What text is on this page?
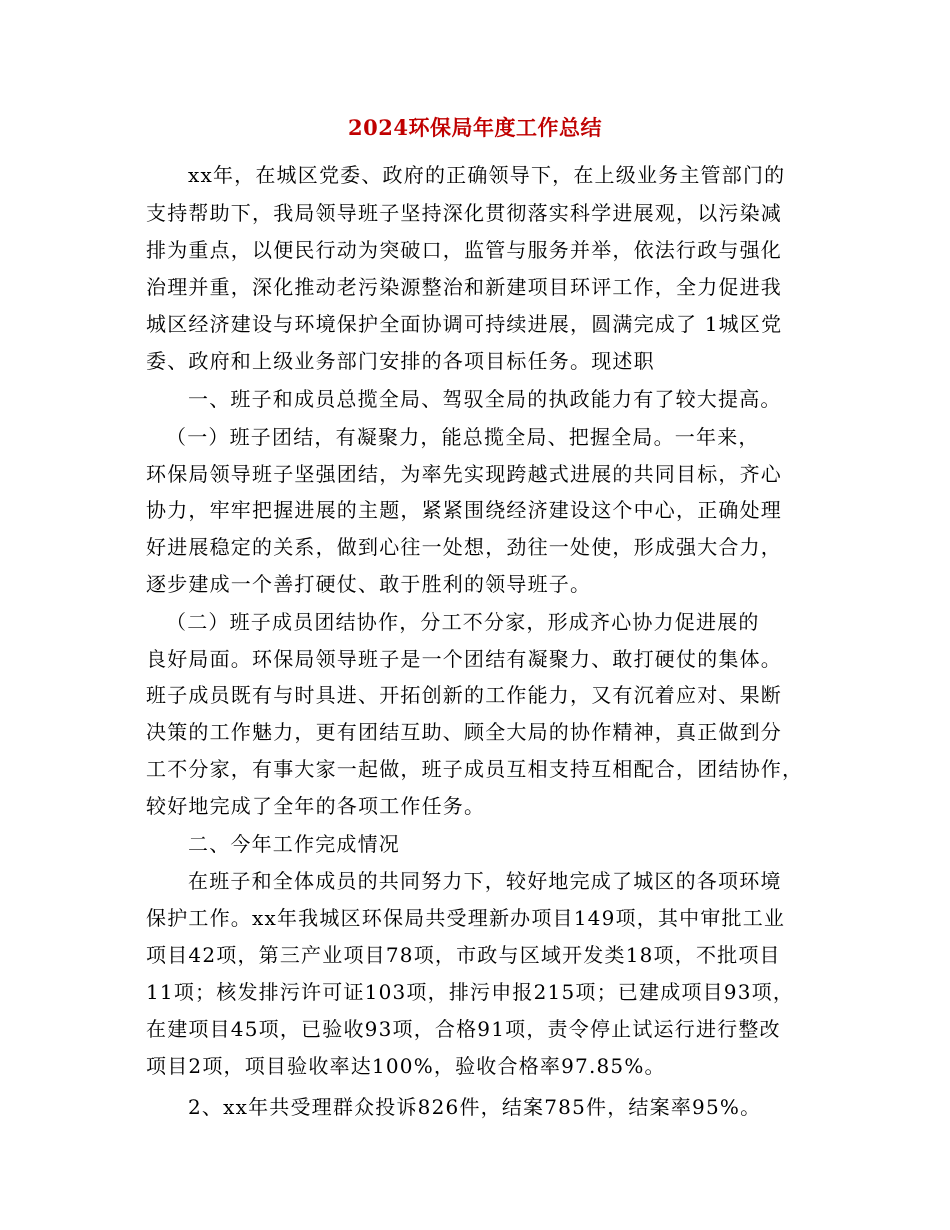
2024环保局年度工作总结
xx年，在城区党委、政府的正确领导下，在上级业务主管部门的
支持帮助下，我局领导班子坚持深化贯彻落实科学进展观，以污染减
排为重点，以便民行动为突破口，监管与服务并举，依法行政与强化
治理并重，深化推动老污染源整治和新建项目环评工作，全力促进我
城区经济建设与环境保护全面协调可持续进展，圆满完成了 1城区党
委、政府和上级业务部门安排的各项目标任务。现述职
一、班子和成员总揽全局、驾驭全局的执政能力有了较大提高。
（一）班子团结，有凝聚力，能总揽全局、把握全局。一年来，
环保局领导班子坚强团结，为率先实现跨越式进展的共同目标，齐心
协力，牢牢把握进展的主题，紧紧围绕经济建设这个中心，正确处理
好进展稳定的关系，做到心往一处想，劲往一处使，形成强大合力，
逐步建成一个善打硬仗、敢于胜利的领导班子。
（二）班子成员团结协作，分工不分家，形成齐心协力促进展的
良好局面。环保局领导班子是一个团结有凝聚力、敢打硬仗的集体。
班子成员既有与时具进、开拓创新的工作能力，又有沉着应对、果断
决策的工作魅力，更有团结互助、顾全大局的协作精神，真正做到分
工不分家，有事大家一起做，班子成员互相支持互相配合，团结协作，
较好地完成了全年的各项工作任务。
二、今年工作完成情况
在班子和全体成员的共同努力下，较好地完成了城区的各项环境
保护工作。xx年我城区环保局共受理新办项目149项，其中审批工业
项目42项，第三产业项目78项，市政与区域开发类18项，不批项目
11项；核发排污许可证103项，排污申报215项；已建成项目93项，
在建项目45项，已验收93项，合格91项，责令停止试运行进行整改
项目2项，项目验收率达100%，验收合格率97.85%。
2、xx年共受理群众投诉826件，结案785件，结案率95%。
